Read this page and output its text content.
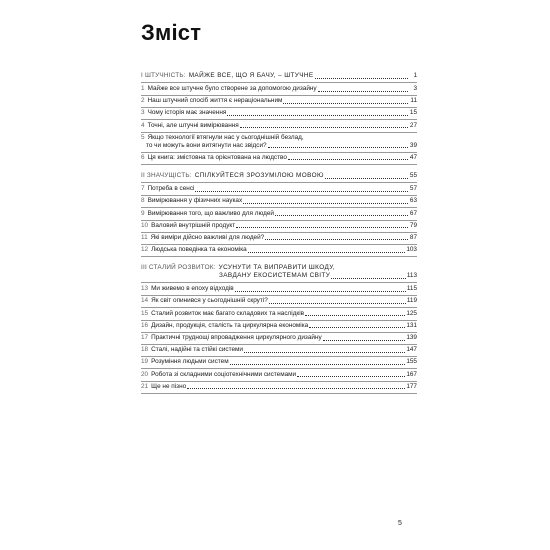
Зміст
I ШТУЧНІСТЬ: МАЙЖЕ ВСЕ, ЩО Я БАЧУ, – ШТУЧНЕ	1
1 Майже все штучне було створене за допомогою дизайну	3
2 Наш штучний спосіб життя є нераціональним	11
3 Чому історія має значення	15
4 Точні, але штучні вимірювання	27
5 Якщо технології втягнули нас у сьогоднішній безлад,
то чи можуть вони витягнути нас звідси?	39
6 Ця книга: змістовна та орієнтована на людство	47
II ЗНАЧУЩІСТЬ: СПІЛКУЙТЕСЯ ЗРОЗУМІЛОЮ МОВОЮ	55
7 Потреба в сенсі	57
8 Вимірювання у фізичних науках	63
9 Вимірювання того, що важливо для людей	67
10 Валовий внутрішній продукт	79
11 Які виміри дійсно важливі для людей?	87
12 Людська поведінка та економіка	103
III СТАЛИЙ РОЗВИТОК: УСУНУТИ ТА ВИПРАВИТИ ШКОДУ,
ЗАВДАНУ ЕКОСИСТЕМАМ СВІТУ	113
13 Ми живемо в епоху відходів	115
14 Як світ опинився у сьогоднішній скруті?	119
15 Сталий розвиток має багато складових та наслідків	125
16 Дизайн, продукція, сталість та циркулярна економіка	131
17 Практичні труднощі впровадження циркулярного дизайну	139
18 Сталі, надійні та стійкі системи	147
19 Розуміння людьми систем	155
20 Робота зі складними соціотехнічними системами	167
21 Ще не пізно	177
5
